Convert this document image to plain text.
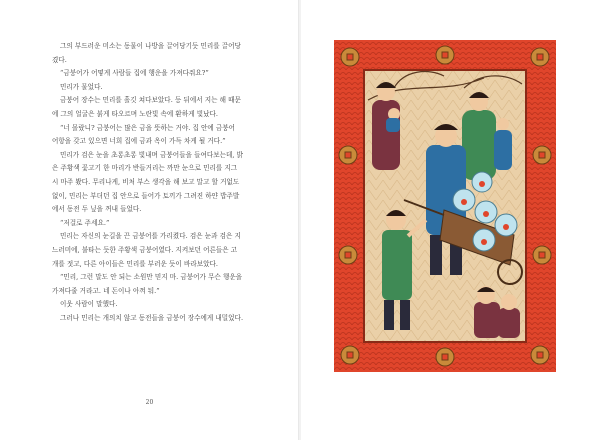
그의 부드러운 미소는 동물이 나방을 끌어당기듯 민리를 끌어당
겼다.
“금붕어가 어떻게 사람들 집에 행운을 가져다줘요?”
민리가 물었다.
금붕어 장수는 민리를 흘깃 쳐다보았다. 등 뒤에서 지는 해 때문
에 그의 얼굴은 붉게 타오르며 노란빛 속에 환하게 빛났다.
“너 몰랐니? 금붕어는 많은 금을 뜻하는 거야. 집 안에 금붕어
어항을 갖고 있으면 너희 집에 금과 옥이 가득 차게 될 거다.”
민리가 검은 눈을 초롱초롱 빛내며 금붕어들을 들여다보는데, 밝
은 주황색 꽃고기 한 마리가 반들거리는 까만 눈으로 민리를 지그
시 마주 봤다. 무리나게, 비처 부스 생각을 해 보고 말고 할 거없도
없이, 민리는 부더던 집 안으로 들어가 토끼가 그려진 하얀 밥주발
에서 동전 두 닢을 꺼내 들었다.
“저걸로 주세요.”
민리는 자신의 눈길을 끈 금붕어를 가리켰다. 검은 눈과 검은 지
느러미에, 불타는 듯한 주황색 금붕어였다. 지켜보던 어른들은 고
개를 젓고, 다른 아이들은 민리를 부러운 듯이 바라보았다.
“민리, 그런 말도 안 되는 소원만 믿지 마. 금붕어가 무슨 행운을
가져다줄 거라고. 네 돈이나 아껴 둬.”
이웃 사람이 말했다.
그러나 민리는 개의치 않고 동전들을 금붕어 장수에게 내밀었다.
20
